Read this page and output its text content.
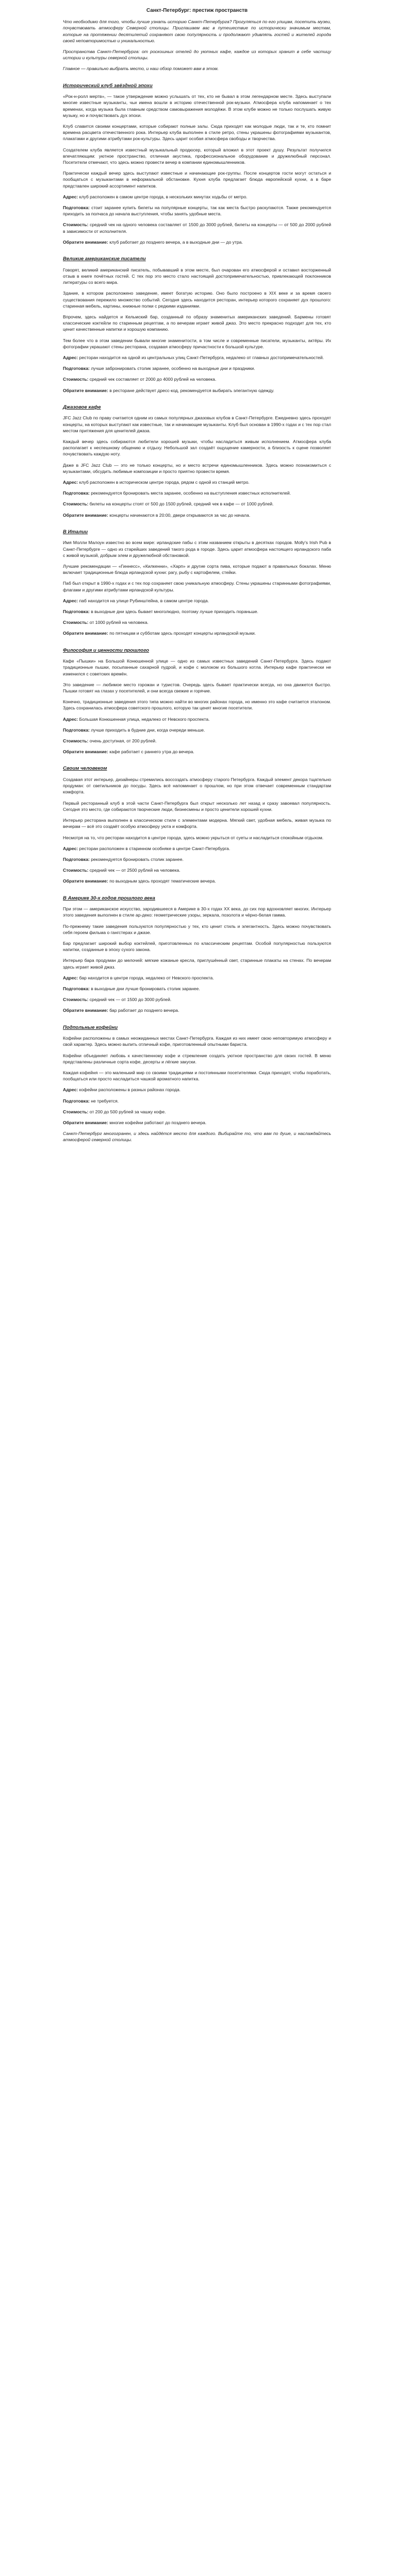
Санкт-Петербург: престиж пространств

Что необходимо для того, чтобы лучше узнать историю Санкт-Петербурга? Прогуляться по его улицам, посетить музеи, почувствовать атмосферу Северной столицы. Приглашаем вас в путешествие по исторически значимым местам, которые на протяжении десятилетий сохраняют свою популярность и продолжают удивлять гостей и жителей города своей неповторимостью и уникальностью.

Пространства Санкт-Петербурга: от роскошных отелей до уютных кафе, каждое из которых хранит в себе частицу истории и культуры северной столицы.

Главное — правильно выбрать место, и наш обзор поможет вам в этом.

Исторический клуб звёздной эпохи

«Рок-н-ролл мертв», — такое утверждение можно услышать от тех, кто не бывал в этом легендарном месте. Здесь выступали многие известные музыканты, чьи имена вошли в историю отечественной рок-музыки. Атмосфера клуба напоминает о тех временах, когда музыка была главным средством самовыражения молодёжи. В этом клубе можно не только послушать живую музыку, но и почувствовать дух эпохи.

Клуб славится своими концертами, которые собирают полные залы. Сюда приходят как молодые люди, так и те, кто помнит времена расцвета отечественного рока. Интерьер клуба выполнен в стиле ретро, стены украшены фотографиями музыкантов, плакатами и другими атрибутами рок-культуры. Здесь царит особая атмосфера свободы и творчества.

Создателем клуба является известный музыкальный продюсер, который вложил в этот проект душу. Результат получился впечатляющим: уютное пространство, отличная акустика, профессиональное оборудование и дружелюбный персонал. Посетители отмечают, что здесь можно провести вечер в компании единомышленников.

Практически каждый вечер здесь выступают известные и начинающие рок-группы. После концертов гости могут остаться и пообщаться с музыкантами в неформальной обстановке. Кухня клуба предлагает блюда европейской кухни, а в баре представлен широкий ассортимент напитков.

Адрес: клуб расположен в самом центре города, в нескольких минутах ходьбы от метро.

Подготовка: стоит заранее купить билеты на популярные концерты, так как места быстро раскупаются. Также рекомендуется приходить за полчаса до начала выступления, чтобы занять удобные места.

Стоимость: средний чек на одного человека составляет от 1500 до 3000 рублей, билеты на концерты — от 500 до 2000 рублей в зависимости от исполнителя.

Обратите внимание: клуб работает до позднего вечера, а в выходные дни — до утра.

Великие американские писатели

Говорят, великий американский писатель, побывавший в этом месте, был очарован его атмосферой и оставил восторженный отзыв в книге почётных гостей. С тех пор это место стало настоящей достопримечательностью, привлекающей поклонников литературы со всего мира.

Здание, в котором расположено заведение, имеет богатую историю. Оно было построено в XIX веке и за время своего существования пережило множество событий. Сегодня здесь находится ресторан, интерьер которого сохраняет дух прошлого: старинная мебель, картины, книжные полки с редкими изданиями.

Впрочем, здесь найдется и Кельмский бар, созданный по образу знаменитых американских заведений. Бармены готовят классические коктейли по старинным рецептам, а по вечерам играет живой джаз. Это место прекрасно подходит для тех, кто ценит качественные напитки и хорошую компанию.

Тем более что в этом заведении бывали многие знаменитости, в том числе и современные писатели, музыканты, актёры. Их фотографии украшают стены ресторана, создавая атмосферу причастности к большой культуре.

Адрес: ресторан находится на одной из центральных улиц Санкт-Петербурга, недалеко от главных достопримечательностей.

Подготовка: лучше забронировать столик заранее, особенно на выходные дни и праздники.

Стоимость: средний чек составляет от 2000 до 4000 рублей на человека.

Обратите внимание: в ресторане действует дресс-код, рекомендуется выбирать элегантную одежду.

Джазовое кафе

JFC Jazz Club по праву считается одним из самых популярных джазовых клубов в Санкт-Петербурге. Ежедневно здесь проходят концерты, на которых выступают как известные, так и начинающие музыканты. Клуб был основан в 1990-х годах и с тех пор стал местом притяжения для ценителей джаза.

Каждый вечер здесь собираются любители хорошей музыки, чтобы насладиться живым исполнением. Атмосфера клуба располагает к неспешному общению и отдыху. Небольшой зал создаёт ощущение камерности, а близость к сцене позволяет почувствовать каждую ноту.

Даже в JFC Jazz Club — это не только концерты, но и место встречи единомышленников. Здесь можно познакомиться с музыкантами, обсудить любимые композиции и просто приятно провести время.

Адрес: клуб расположен в историческом центре города, рядом с одной из станций метро.

Подготовка: рекомендуется бронировать места заранее, особенно на выступления известных исполнителей.

Стоимость: билеты на концерты стоят от 500 до 1500 рублей, средний чек в кафе — от 1000 рублей.

Обратите внимание: концерты начинаются в 20:00, двери открываются за час до начала.

В Италии

Имя Молли Малоун известно во всем мире: ирландские пабы с этим названием открыты в десятках городов. Molly's Irish Pub в Санкт-Петербурге — одно из старейших заведений такого рода в городе. Здесь царит атмосфера настоящего ирландского паба с живой музыкой, добрым элем и дружелюбной обстановкой.

Лучшие рекомендации — «Гиннесс», «Килкенни», «Харп» и другие сорта пива, которые подают в правильных бокалах. Меню включает традиционные блюда ирландской кухни: рагу, рыбу с картофелем, стейки.

Паб был открыт в 1990-х годах и с тех пор сохраняет свою уникальную атмосферу. Стены украшены старинными фотографиями, флагами и другими атрибутами ирландской культуры.

Адрес: паб находится на улице Рубинштейна, в самом центре города.

Подготовка: в выходные дни здесь бывает многолюдно, поэтому лучше приходить пораньше.

Стоимость: от 1000 рублей на человека.

Обратите внимание: по пятницам и субботам здесь проходят концерты ирландской музыки.

Философия и ценности прошлого

Кафе «Пышки» на Большой Конюшенной улице — одно из самых известных заведений Санкт-Петербурга. Здесь подают традиционные пышки, посыпанные сахарной пудрой, и кофе с молоком из большого котла. Интерьер кафе практически не изменился с советских времён.

Это заведение — любимое место горожан и туристов. Очередь здесь бывает практически всегда, но она движется быстро. Пышки готовят на глазах у посетителей, и они всегда свежие и горячие.

Конечно, традиционные заведения этого типа можно найти во многих районах города, но именно это кафе считается эталоном. Здесь сохранилась атмосфера советского прошлого, которую так ценят многие посетители.

Адрес: Большая Конюшенная улица, недалеко от Невского проспекта.

Подготовка: лучше приходить в будние дни, когда очереди меньше.

Стоимость: очень доступная, от 200 рублей.

Обратите внимание: кафе работает с раннего утра до вечера.

Своим человеком

Создавая этот интерьер, дизайнеры стремились воссоздать атмосферу старого Петербурга. Каждый элемент декора тщательно продуман: от светильников до посуды. Здесь всё напоминает о прошлом, но при этом отвечает современным стандартам комфорта.

Первый ресторанный клуб в этой части Санкт-Петербурга был открыт несколько лет назад и сразу завоевал популярность. Сегодня это место, где собираются творческие люди, бизнесмены и просто ценители хорошей кухни.

Интерьер ресторана выполнен в классическом стиле с элементами модерна. Мягкий свет, удобная мебель, живая музыка по вечерам — всё это создаёт особую атмосферу уюта и комфорта.

Несмотря на то, что ресторан находится в центре города, здесь можно укрыться от суеты и насладиться спокойным отдыхом.

Адрес: ресторан расположен в старинном особняке в центре Санкт-Петербурга.

Подготовка: рекомендуется бронировать столик заранее.

Стоимость: средний чек — от 2500 рублей на человека.

Обратите внимание: по выходным здесь проходят тематические вечера.

В Америке 30-х годов прошлого века

При этом — американское искусство, зародившееся в Америке в 30-х годах XX века, до сих пор вдохновляет многих. Интерьер этого заведения выполнен в стиле ар-деко: геометрические узоры, зеркала, позолота и чёрно-белая гамма.

По-прежнему такие заведения пользуются популярностью у тех, кто ценит стиль и элегантность. Здесь можно почувствовать себя героем фильма о гангстерах и джазе.

Бар предлагает широкий выбор коктейлей, приготовленных по классическим рецептам. Особой популярностью пользуются напитки, созданные в эпоху сухого закона.

Интерьер бара продуман до мелочей: мягкие кожаные кресла, приглушённый свет, старинные плакаты на стенах. По вечерам здесь играет живой джаз.

Адрес: бар находится в центре города, недалеко от Невского проспекта.

Подготовка: в выходные дни лучше бронировать столик заранее.

Стоимость: средний чек — от 1500 до 3000 рублей.

Обратите внимание: бар работает до позднего вечера.

Подпольные кофейни

Кофейни расположены в самых неожиданных местах Санкт-Петербурга. Каждая из них имеет свою неповторимую атмосферу и свой характер. Здесь можно выпить отличный кофе, приготовленный опытными бариста.

Кофейни объединяет любовь к качественному кофе и стремление создать уютное пространство для своих гостей. В меню представлены различные сорта кофе, десерты и лёгкие закуски.

Каждая кофейня — это маленький мир со своими традициями и постоянными посетителями. Сюда приходят, чтобы поработать, пообщаться или просто насладиться чашкой ароматного напитка.

Адрес: кофейни расположены в разных районах города.

Подготовка: не требуется.

Стоимость: от 200 до 500 рублей за чашку кофе.

Обратите внимание: многие кофейни работают до позднего вечера.

Санкт-Петербург многогранен, и здесь найдётся место для каждого. Выбирайте то, что вам по душе, и наслаждайтесь атмосферой северной столицы.
